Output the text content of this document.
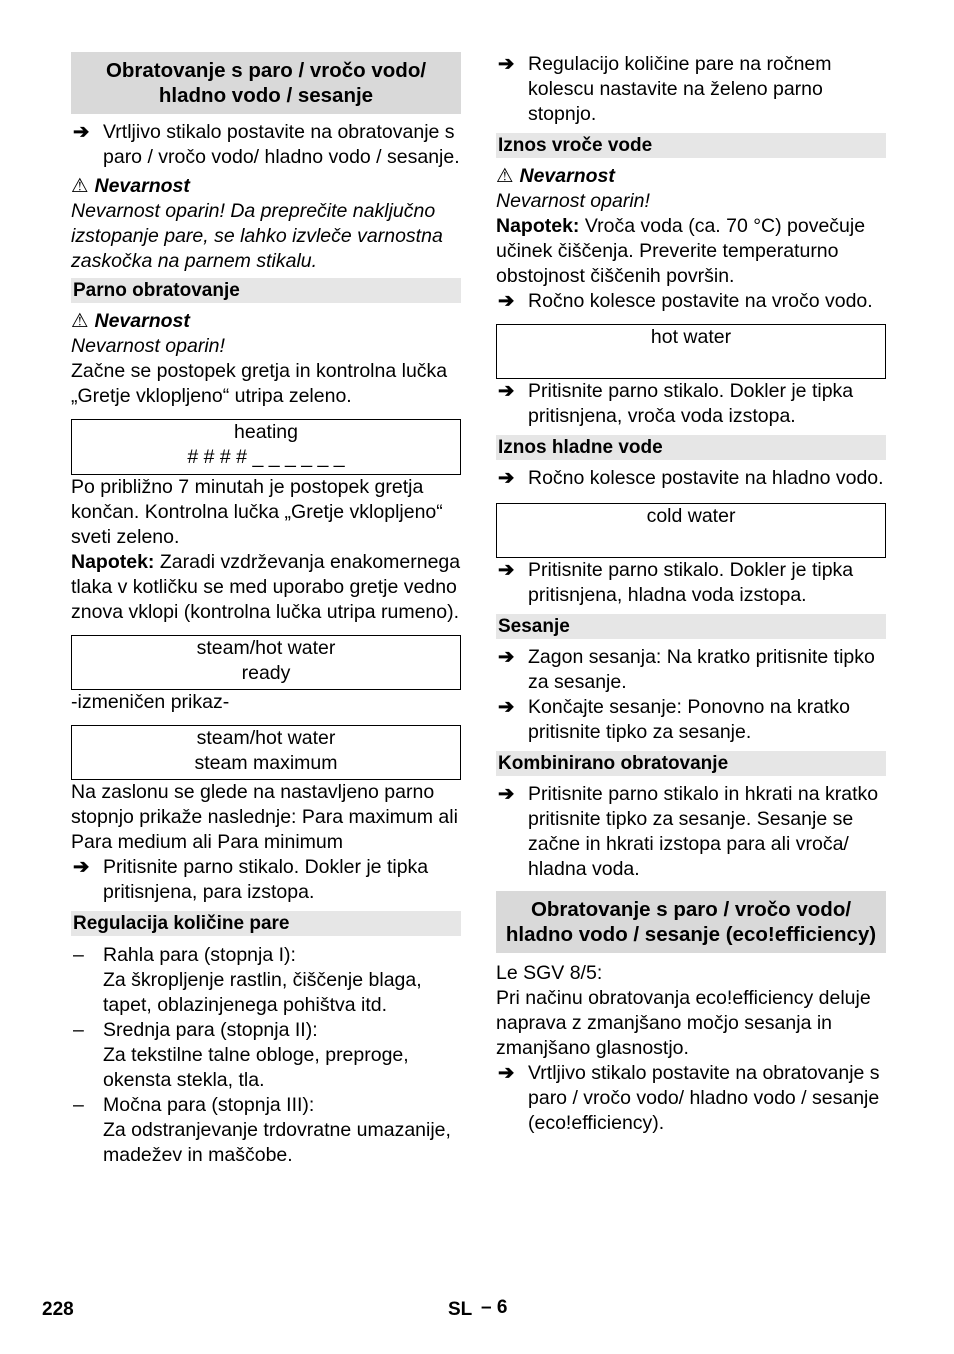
Obratovanje s paro / vročo vodo/ hladno vodo / sesanje
➔ Vrtljivo stikalo postavite na obratovanje s paro / vročo vodo/ hladno vodo / sesanje.
⚠ Nevarnost
Nevarnost oparin! Da preprečite naključno izstopanje pare, se lahko izvleče varnostna zaskočka na parnem stikalu.
Parno obratovanje
⚠ Nevarnost
Nevarnost oparin!
Začne se postopek gretja in kontrolna lučka „Gretje vklopljeno“ utripa zeleno.
heating
# # # # _ _ _ _ _ _
Po približno 7 minutah je postopek gretja končan. Kontrolna lučka „Gretje vklopljeno“ sveti zeleno.
Napotek: Zaradi vzdrževanja enakomernega tlaka v kotličku se med uporabo gretje vedno znova vklopi (kontrolna lučka utripa rumeno).
steam/hot water
ready
-izmeničen prikaz-
steam/hot water
steam maximum
Na zaslonu se glede na nastavljeno parno stopnjo prikaže naslednje: Para maximum ali Para medium ali Para minimum
➔ Pritisnite parno stikalo. Dokler je tipka pritisnjena, para izstopa.
Regulacija količine pare
– Rahla para (stopnja I):
Za škropljenje rastlin, čiščenje blaga, tapet, oblazinjenega pohištva itd.
– Srednja para (stopnja II):
Za tekstilne talne obloge, preproge, okensta stekla, tla.
– Močna para (stopnja III):
Za odstranjevanje trdovratne umazanije, madežev in maščobe.
➔ Regulacijo količine pare na ročnem kolescu nastavite na želeno parno stopnjo.
Iznos vroče vode
⚠ Nevarnost
Nevarnost oparin!
Napotek: Vroča voda (ca. 70 °C) povečuje učinek čiščenja. Preverite temperaturno obstojnost čiščenih površin.
➔ Ročno kolesce postavite na vročo vodo.
hot water
➔ Pritisnite parno stikalo. Dokler je tipka pritisnjena, vroča voda izstopa.
Iznos hladne vode
➔ Ročno kolesce postavite na hladno vodo.
cold water
➔ Pritisnite parno stikalo. Dokler je tipka pritisnjena, hladna voda izstopa.
Sesanje
➔ Zagon sesanja: Na kratko pritisnite tipko za sesanje.
➔ Končajte sesanje: Ponovno na kratko pritisnite tipko za sesanje.
Kombinirano obratovanje
➔ Pritisnite parno stikalo in hkrati na kratko pritisnite tipko za sesanje. Sesanje se začne in hkrati izstopa para ali vroča/ hladna voda.
Obratovanje s paro / vročo vodo/ hladno vodo / sesanje (eco!efficiency)
Le SGV 8/5:
Pri načinu obratovanja eco!efficiency deluje naprava z zmanjšano močjo sesanja in zmanjšano glasnostjo.
➔ Vrtljivo stikalo postavite na obratovanje s paro / vročo vodo/ hladno vodo / sesanje (eco!efficiency).
228	SL – 6
